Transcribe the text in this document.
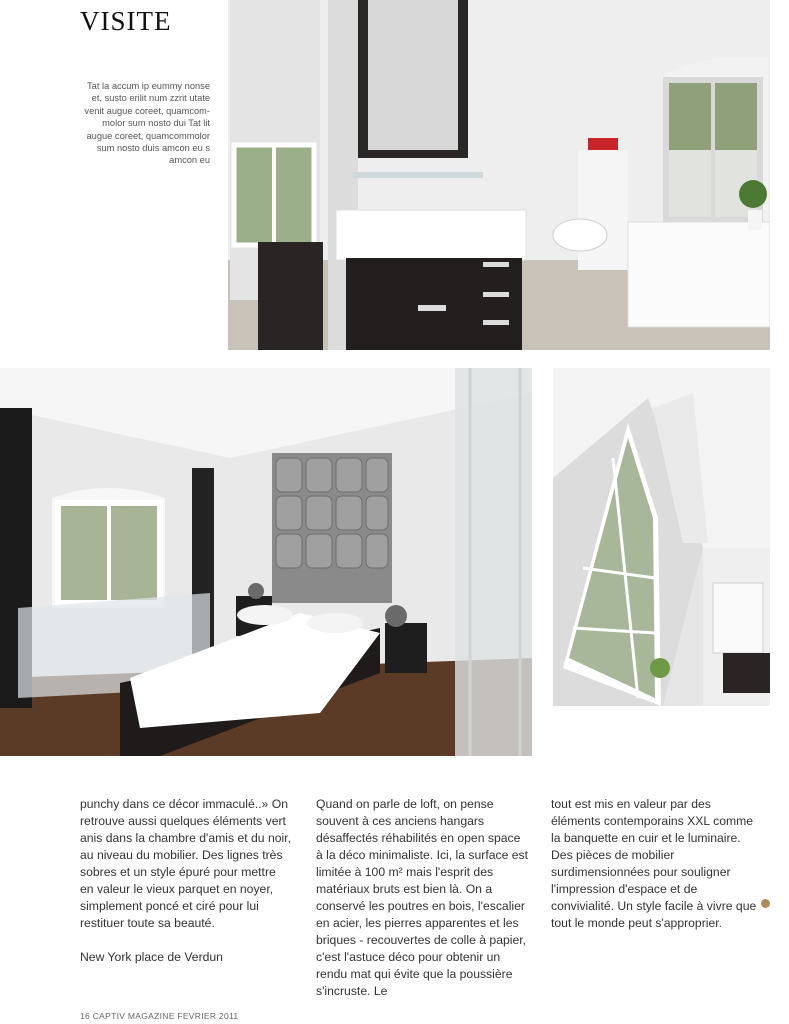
VISITE
Tat la accum ip eummy nonse et, susto erilit num zzrit utate venit augue coreet, quamcom-molor sum nosto dui Tat lit augue coreet, quamcommolor sum nosto duis amcon eu s amcon eu

punchy dans ce décor immaculé..» On retrouve aussi quelques éléments vert anis dans la chambre d'amis et du noir, au niveau du mobilier. Des lignes très sobres et un style épuré pour mettre en valeur le vieux parquet en noyer, simplement poncé et ciré pour lui restituer toute sa beauté.

New York place de Verdun

Quand on parle de loft, on pense souvent à ces anciens hangars désaffectés réhabilités en open space à la déco minimaliste. Ici, la surface est limitée à 100 m² mais l'esprit des matériaux bruts est bien là. On a conservé les poutres en bois, l'escalier en acier, les pierres apparentes et les briques - recouvertes de colle à papier, c'est l'astuce déco pour obtenir un rendu mat qui évite que la poussière s'incruste. Le

tout est mis en valeur par des éléments contemporains XXL comme la banquette en cuir et le luminaire. Des pièces de mobilier surdimensionnées pour souligner l'impression d'espace et de convivialité. Un style facile à vivre que tout le monde peut s'approprier.

16 CAPTIV MAGAZINE FEVRIER 2011
